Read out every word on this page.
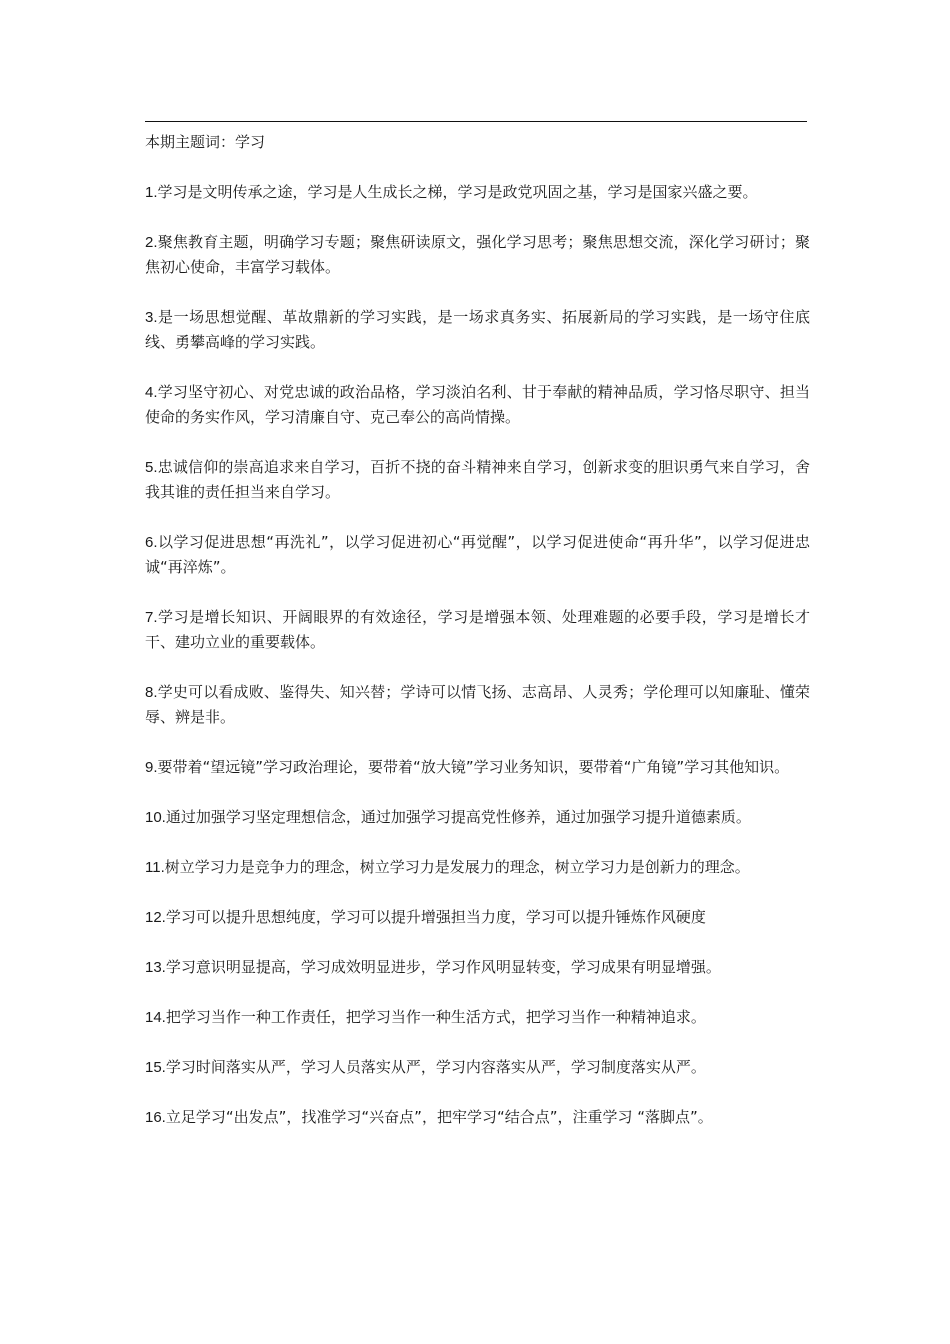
本期主题词：学习

1.学习是文明传承之途，学习是人生成长之梯，学习是政党巩固之基，学习是国家兴盛之要。

2.聚焦教育主题，明确学习专题；聚焦研读原文，强化学习思考；聚焦思想交流，深化学习研讨；聚焦初心使命，丰富学习载体。

3.是一场思想觉醒、革故鼎新的学习实践，是一场求真务实、拓展新局的学习实践，是一场守住底线、勇攀高峰的学习实践。

4.学习坚守初心、对党忠诚的政治品格，学习淡泊名利、甘于奉献的精神品质，学习恪尽职守、担当使命的务实作风，学习清廉自守、克己奉公的高尚情操。

5.忠诚信仰的崇高追求来自学习，百折不挠的奋斗精神来自学习，创新求变的胆识勇气来自学习，舍我其谁的责任担当来自学习。

6.以学习促进思想“再洗礼”，以学习促进初心“再觉醒”，以学习促进使命“再升华”，以学习促进忠诚“再淬炼”。

7.学习是增长知识、开阔眼界的有效途径，学习是增强本领、处理难题的必要手段，学习是增长才干、建功立业的重要载体。

8.学史可以看成败、鉴得失、知兴替；学诗可以情飞扬、志高昂、人灵秀；学伦理可以知廉耻、懂荣辱、辨是非。

9.要带着“望远镜”学习政治理论，要带着“放大镜”学习业务知识，要带着“广角镜”学习其他知识。

10.通过加强学习坚定理想信念，通过加强学习提高党性修养，通过加强学习提升道德素质。

11.树立学习力是竞争力的理念，树立学习力是发展力的理念，树立学习力是创新力的理念。

12.学习可以提升思想纯度，学习可以提升增强担当力度，学习可以提升锤炼作风硬度

13.学习意识明显提高，学习成效明显进步，学习作风明显转变，学习成果有明显增强。

14.把学习当作一种工作责任，把学习当作一种生活方式，把学习当作一种精神追求。

15.学习时间落实从严，学习人员落实从严，学习内容落实从严，学习制度落实从严。

16.立足学习“出发点”，找准学习“兴奋点”，把牢学习“结合点”，注重学习 “落脚点”。
